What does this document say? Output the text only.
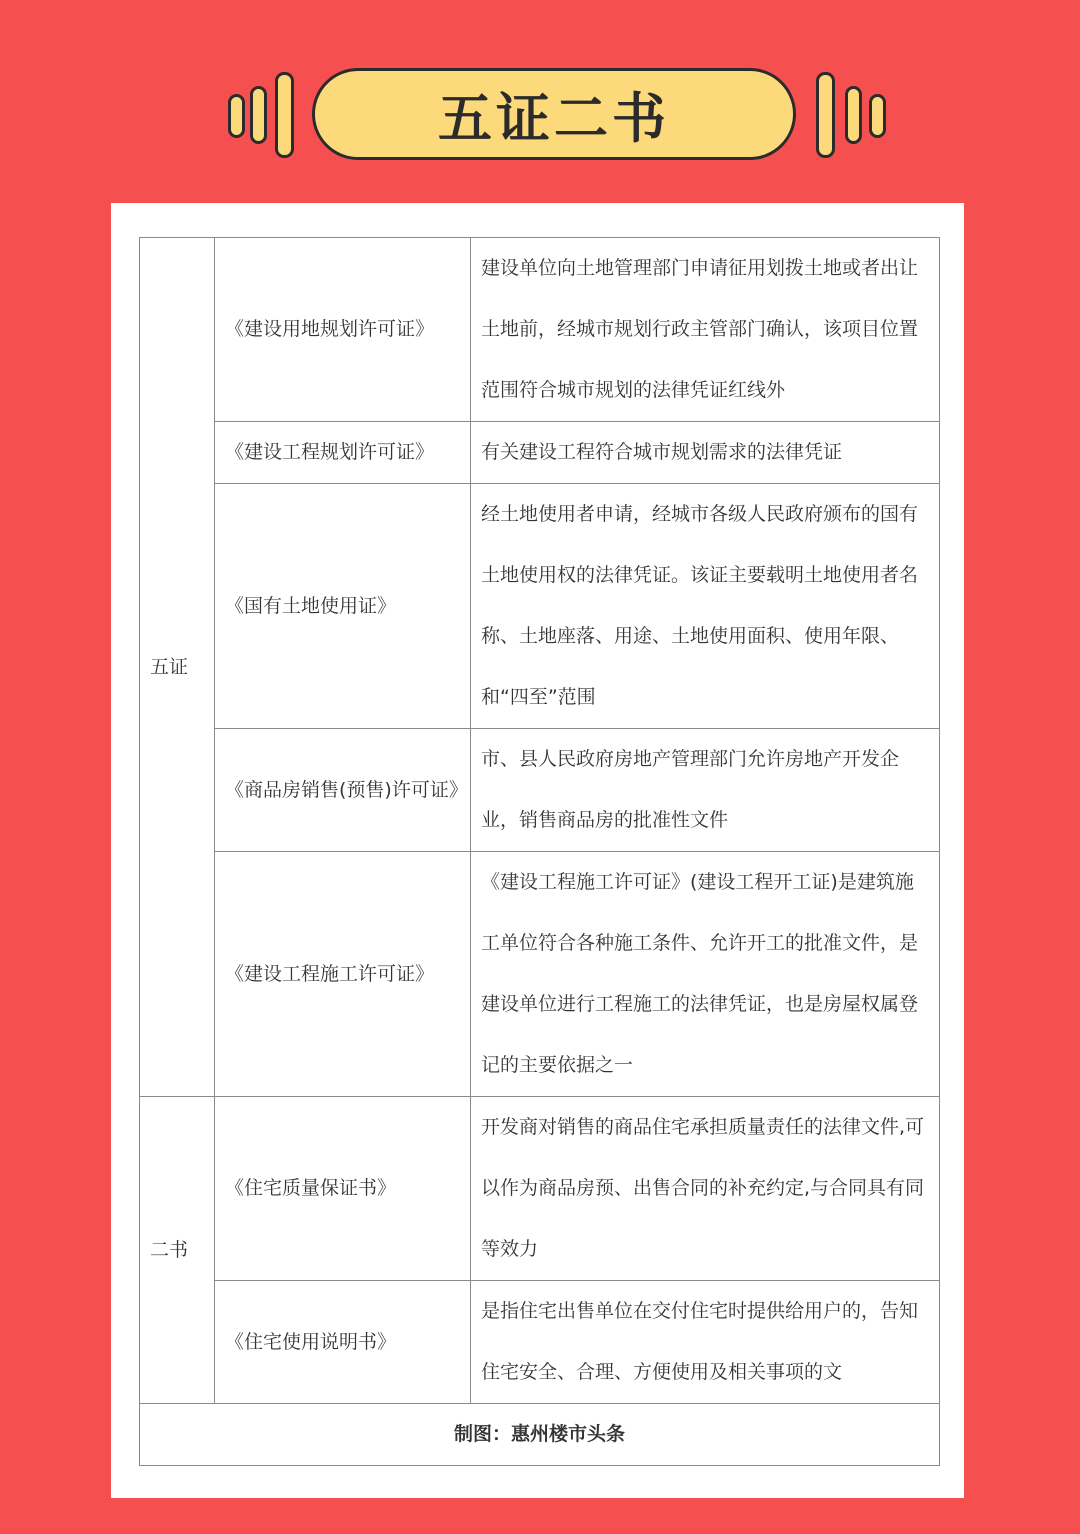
五证二书
五证	《建设用地规划许可证》	建设单位向土地管理部门申请征用划拨土地或者出让土地前，经城市规划行政主管部门确认，该项目位置范围符合城市规划的法律凭证红线外
	《建设工程规划许可证》	有关建设工程符合城市规划需求的法律凭证
	《国有土地使用证》	经土地使用者申请，经城市各级人民政府颁布的国有土地使用权的法律凭证。该证主要载明土地使用者名称、土地座落、用途、土地使用面积、使用年限、和“四至”范围
	《商品房销售(预售)许可证》	市、县人民政府房地产管理部门允许房地产开发企业，销售商品房的批准性文件
	《建设工程施工许可证》	《建设工程施工许可证》(建设工程开工证)是建筑施工单位符合各种施工条件、允许开工的批准文件，是建设单位进行工程施工的法律凭证，也是房屋权属登记的主要依据之一
二书	《住宅质量保证书》	开发商对销售的商品住宅承担质量责任的法律文件,可以作为商品房预、出售合同的补充约定,与合同具有同等效力
	《住宅使用说明书》	是指住宅出售单位在交付住宅时提供给用户的，告知住宅安全、合理、方便使用及相关事项的文
制图：惠州楼市头条		
